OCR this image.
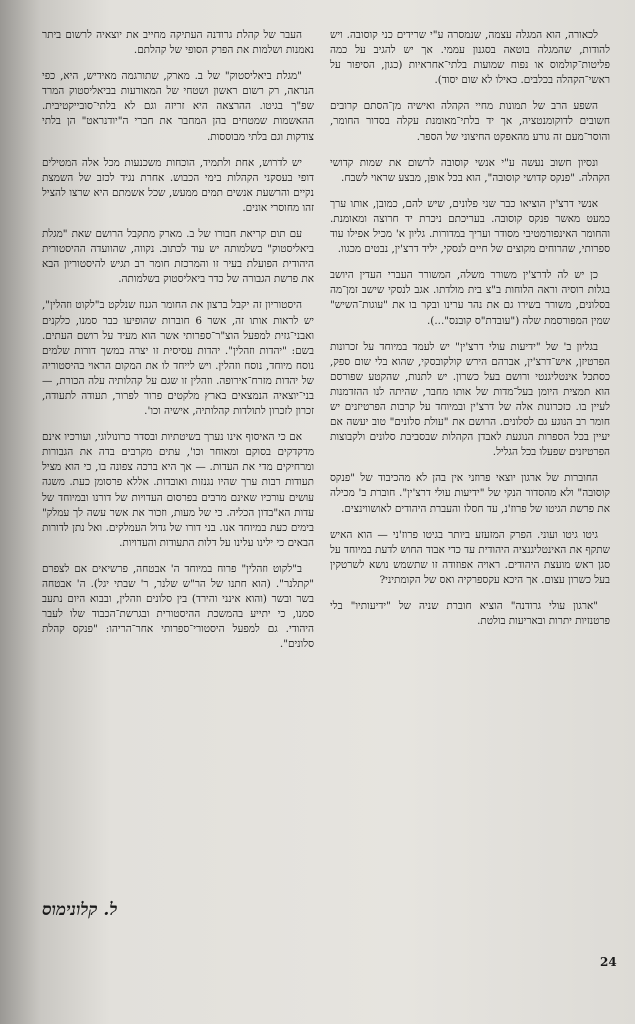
לכאורה, הוא המגלה עצמה, שנמסרה ע"י שרידים כני קוסובה. ויש להודות, שהמגלה בוטאה בסגנון עממי. אך יש להגיב על כמה פליטות־קולמוס או נפוח שמועות בלתי־אחראיות (כגון, הסיפור על ראשי־הקהלה בכלבים. כאילו לא שום יסוד).

השפע הרב של תמונות מחיי הקהלה ואישיה מן־הסתם קרובים חשובים לדוקומנטציה, אך יד בלתי־מאומנת עקלה בסדור החומר, והוסר־מעם זה גורע מהאפקט החיצוני של הספר.

ונסיון חשוב נעשה ע"י אנשי קוסובה לרשום את שמות קדושי הקהלה. "פנקס קדושי קוסובה", הוא בכל אופן, מבצע שראוי לשבח.

אנשי דרצ'ין הוציאו כבר שני פלונים, שיש להם, כמובן, אותו ערך כמעט מאשר פנקס קוסובה. בעריכתם ניכרת יד חרוצה ומאומנת. והחומר האינפורמטיבי מסודר ועריך במדורות. גליון א' מכיל אפילו עוד ספרותי, שהרוחים מקוצים של חיים לנסקי, יליד דרצ'ין, נבטים מכגוו.

כן יש לה לדרצ'ין משורר משלה, המשורר העברי העדין היושב בגלות רוסיה וראה הלוחות ב"צ בית מולדתו. אגב לנסקי שישב זמן־מה בסלונים, משורר בשירו גם את נהר ערינו ובקר בו את "עוגות־השיש" שמין המפורסמת שלה ("עובדת"ס קובנס"...).

בגליון ב' של "ידיעות עולי דרצ'ין" יש לעמד במיוחד על זכרונות הפרטיזן, איש־דרצ'ין, אברהם הירש קולקובסקי, שהוא בלי שום ספק, כסתכל אינטליגנטי ורושם בעל כשרון. יש לתנות, שהקטע שפורסם הוא תמצית היומן בעל־מדות של אותו מחבר, שהיתה לנו ההזדמנות לעיין בו. כזכרונות אלה של דרצ'ין ובמיוחד על קרבות הפרטיזנים יש חומר רב הנוגע גם לסלונים. הרושם את "עולת סלונים" טוב יעשה אם יעיין בכל הספרות הנוגעת לאבדן הקהלות שבסביבת סלונים ולקבוצות הפרטיזנים שפעלו בכל הגליל.

החוברות של ארגון יוצאי פרוזני אין בהן לא מהכיבוד של "פנקס קוסובה" ולא מהסדור הנקי של "ידיעות עולי דרצ'ין". חוברת ב' מכילה את פרשת הגיטו של פרוז'נ, עד חסלו והעברת היהודים לאושווינצים.

גיטו גיטו ועוני. הפרק המזעזע ביותר בגיטו פרוז'ני — הוא האיש שתקף את האינטליגנציה היהודית עד כדי אבוד החוש לדעת במיוחד על סגן ראש מועצת היהודים. ראויה אפוזודה זו שתשמש נושא לשרטקין בעל כשרון עצום. אך היכא עקספרקיה ואס של הקומתיני?

"ארגון עולי גרודנה" הוציא חוברת שניה של "ידיעותיו" בלי פרטנזיות יתרות ובאריעות בולטת.

העבר של קהלת גרודנה העתיקה מחייב את יוצאיה לרשום ביתר נאמנות ושלמות את הפרק הסופי של קהלתם.

"מגלת ביאליסטוק" של ב. מארק, שתורגמה מאידיש, היא, כפי הנראה, רק רשום ראשון ושטחי של המאורעות בביאליסטוק המרד שפ"ך בגיטו. ההרצאה היא זריזה וגם לא בלתי־סובייקטיבית. ההאשמות שמטחים בהן המחבר את חברי ה"יודנראט" הן בלתי צודקות וגם בלתי מבוססות.

יש לדרוש, אחת ולתמיד, הוכחות משכנעות מכל אלה המטילים דופי בעסקני הקהלות בימי הכבוש. אחרת נגיד לכזב של השמצת נקיים והרשעת אנשים תמים ממעש, שכל אשמתם היא שרצו להציל זהו מחוסרי אונים.

עם תום קריאת חבורו של ב. מארק מתקבל הרושם שאת "מגלת ביאליסטוק" בשלמותה יש עוד לכתוב. נקווה, שהוועדה ההיסטורית היהודית הפועלת בעיר זו והמרכזת חומר רב תגיש להיסטוריון הבא את פרשת הגבורה של כדר ביאליסטוק בשלמותה.

היסטוריון זה יקבל ברצון את החומר הגנוז שנלקט ב"לקוט וזהלין", יש לראות אותו זה, אשר 6 חוברות שהופיעו כבר סמנו, כלקנים ואבני־גזית למפעל הוצ"ר־ספרותי אשר הוא מעיד על רושם העתים. בשם: "יהדות וזהלין". יהדות עסיסית זו יצרה במשך דורות שלמים נוסח מיוחד, נוסח וזהלין. ויש לייחד לו את המקום הראוי בהיסטוריה של יהדות מזרח־אירופה. וזהלין זו שגם על קהלותיה עלה הכורת, — בני־יוצאיה הנמצאים בארץ מלקטים פרור לפרור, תעודה לתעודה, זכרון לזכרון לתולדות קהלותיה, אישיה וכו'.

אם כי האיסוף אינו נערך בשיטתיות ובסדר כרונולוגי, ועורכיו אינם מדקדקים בסוקם ומאוחר וכו', עתים מקרבים בדה את הגבורות ומרחיקים מדי את העדות. — אך היא ברכה צפונה בו, כי הוא מציל תעודות רבות ערך שהיו נגנזות ואובדות. אללא פרסומן כעת. משגה עושים עורכיו שאינם מרבים בפרסום העדויות של דורנו ובמיוחד של עדות הא"בדון הכליה. כי של מעות, וזכור את אשר עשה לך עמלק" בימים כעת במיוחד אנו. בני דורו של גדול העמלקים. ואל נתן לדורות הבאים כי ילינו עלינו על דלות התעודות והעדויות.

ב"לקוט וזהלין" פרוח במיוחד ה' אבטחה, פרשיאים אם לצפרם "קתלנר". (הוא חתנו של הר"ש שלנר, ר' שבתי יגל). ה' אבטחה בשר ובשר (והוא אינני והירד) בין סלונים וזהלין, ובבוא היום נתעב סמנו, כי יתייע בהמשכת ההיסטורית ובגרשת־הכבוד שלו לעבר היהודי. גם למפעל היסטורי־ספרותי אחר־הריהו: "פנקס קהלת סלונים".

ל. קלונימוס
24
